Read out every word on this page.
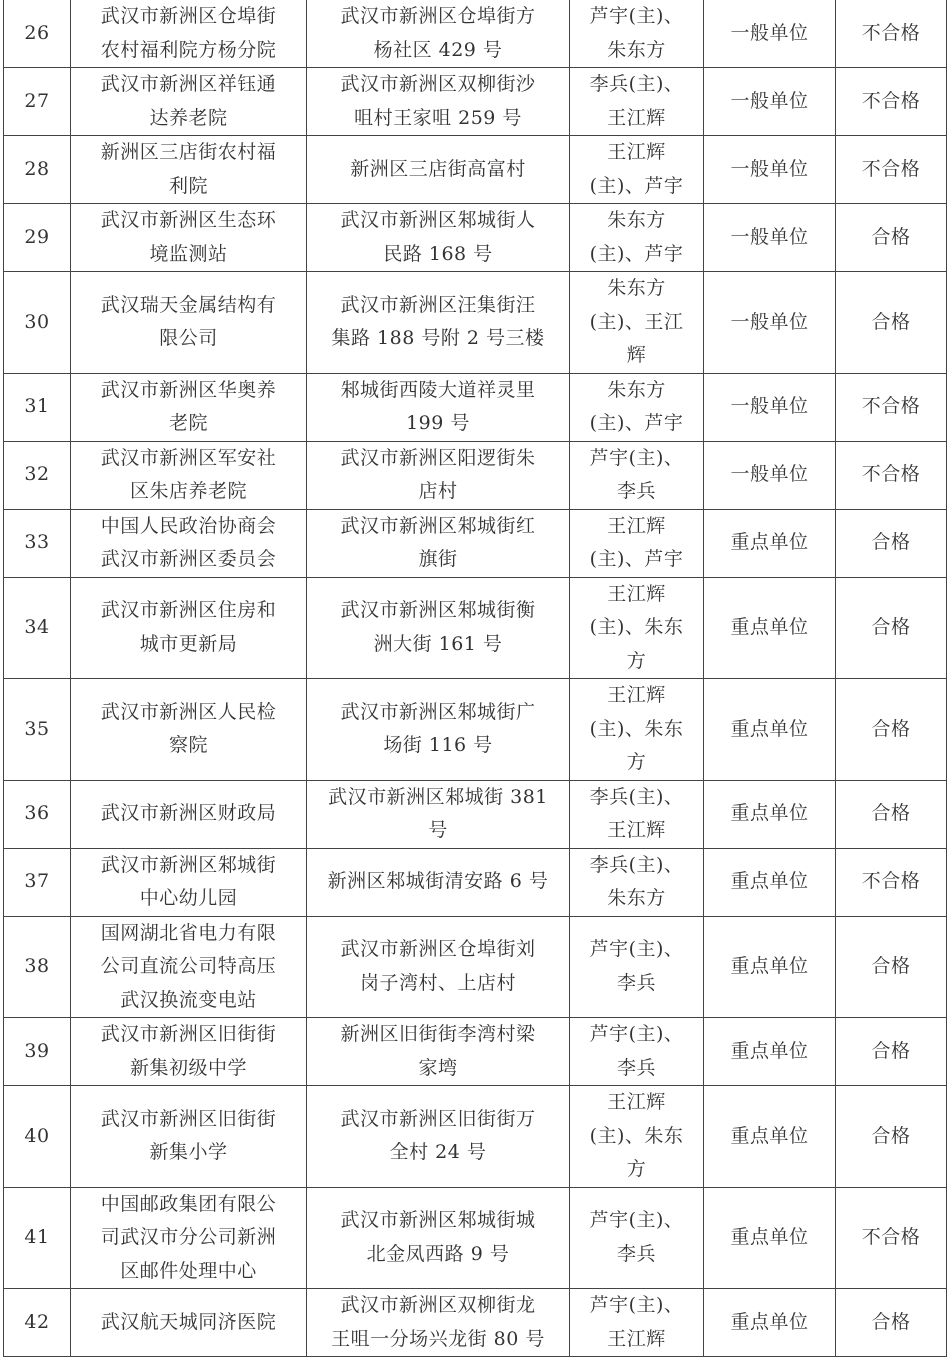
26	武汉市新洲区仓埠街
农村福利院方杨分院	武汉市新洲区仓埠街方
杨社区 429 号	芦宇(主)、
朱东方	一般单位	不合格
27	武汉市新洲区祥钰通
达养老院	武汉市新洲区双柳街沙
咀村王家咀 259 号	李兵(主)、
王江辉	一般单位	不合格
28	新洲区三店街农村福
利院	新洲区三店街高富村	王江辉
(主)、芦宇	一般单位	不合格
29	武汉市新洲区生态环
境监测站	武汉市新洲区邾城街人
民路 168 号	朱东方
(主)、芦宇	一般单位	合格
30	武汉瑞天金属结构有
限公司	武汉市新洲区汪集街汪
集路 188 号附 2 号三楼	朱东方
(主)、王江
辉	一般单位	合格
31	武汉市新洲区华奥养
老院	邾城街西陵大道祥灵里
199 号	朱东方
(主)、芦宇	一般单位	不合格
32	武汉市新洲区军安社
区朱店养老院	武汉市新洲区阳逻街朱
店村	芦宇(主)、
李兵	一般单位	不合格
33	中国人民政治协商会
武汉市新洲区委员会	武汉市新洲区邾城街红
旗街	王江辉
(主)、芦宇	重点单位	合格
34	武汉市新洲区住房和
城市更新局	武汉市新洲区邾城街衡
洲大街 161 号	王江辉
(主)、朱东
方	重点单位	合格
35	武汉市新洲区人民检
察院	武汉市新洲区邾城街广
场街 116 号	王江辉
(主)、朱东
方	重点单位	合格
36	武汉市新洲区财政局	武汉市新洲区邾城街 381
号	李兵(主)、
王江辉	重点单位	合格
37	武汉市新洲区邾城街
中心幼儿园	新洲区邾城街清安路 6 号	李兵(主)、
朱东方	重点单位	不合格
38	国网湖北省电力有限
公司直流公司特高压
武汉换流变电站	武汉市新洲区仓埠街刘
岗子湾村、上店村	芦宇(主)、
李兵	重点单位	合格
39	武汉市新洲区旧街街
新集初级中学	新洲区旧街街李湾村梁
家塆	芦宇(主)、
李兵	重点单位	合格
40	武汉市新洲区旧街街
新集小学	武汉市新洲区旧街街万
全村 24 号	王江辉
(主)、朱东
方	重点单位	合格
41	中国邮政集团有限公
司武汉市分公司新洲
区邮件处理中心	武汉市新洲区邾城街城
北金凤西路 9 号	芦宇(主)、
李兵	重点单位	不合格
42	武汉航天城同济医院	武汉市新洲区双柳街龙
王咀一分场兴龙街 80 号	芦宇(主)、
王江辉	重点单位	合格
